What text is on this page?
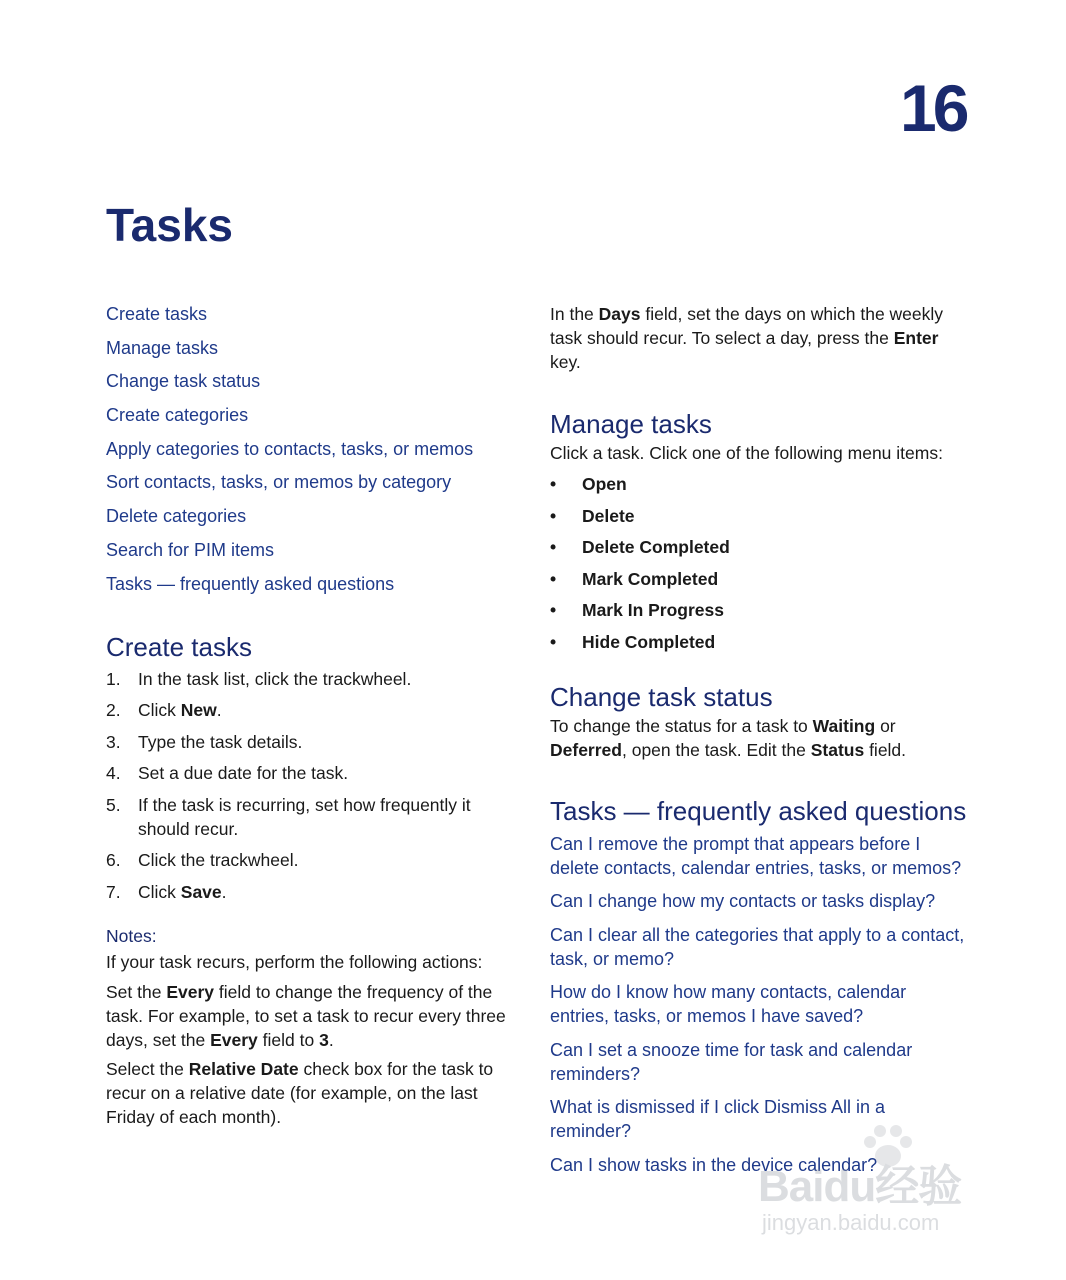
16
Tasks
Create tasks
Manage tasks
Change task status
Create categories
Apply categories to contacts, tasks, or memos
Sort contacts, tasks, or memos by category
Delete categories
Search for PIM items
Tasks — frequently asked questions
Create tasks
1. In the task list, click the trackwheel.
2. Click New.
3. Type the task details.
4. Set a due date for the task.
5. If the task is recurring, set how frequently it should recur.
6. Click the trackwheel.
7. Click Save.
Notes:

If your task recurs, perform the following actions:

Set the Every field to change the frequency of the task. For example, to set a task to recur every three days, set the Every field to 3.

Select the Relative Date check box for the task to recur on a relative date (for example, on the last Friday of each month).

In the Days field, set the days on which the weekly task should recur. To select a day, press the Enter key.

Manage tasks

Click a task. Click one of the following menu items:

• Open
• Delete
• Delete Completed
• Mark Completed
• Mark In Progress
• Hide Completed
Change task status

To change the status for a task to Waiting or Deferred, open the task. Edit the Status field.

Tasks — frequently asked questions
Can I remove the prompt that appears before I delete contacts, calendar entries, tasks, or memos?
Can I change how my contacts or tasks display?
Can I clear all the categories that apply to a contact, task, or memo?
How do I know how many contacts, calendar entries, tasks, or memos I have saved?
Can I set a snooze time for task and calendar reminders?
What is dismissed if I click Dismiss All in a reminder?
Can I show tasks in the device calendar?
Baidu经验
jingyan.baidu.com
